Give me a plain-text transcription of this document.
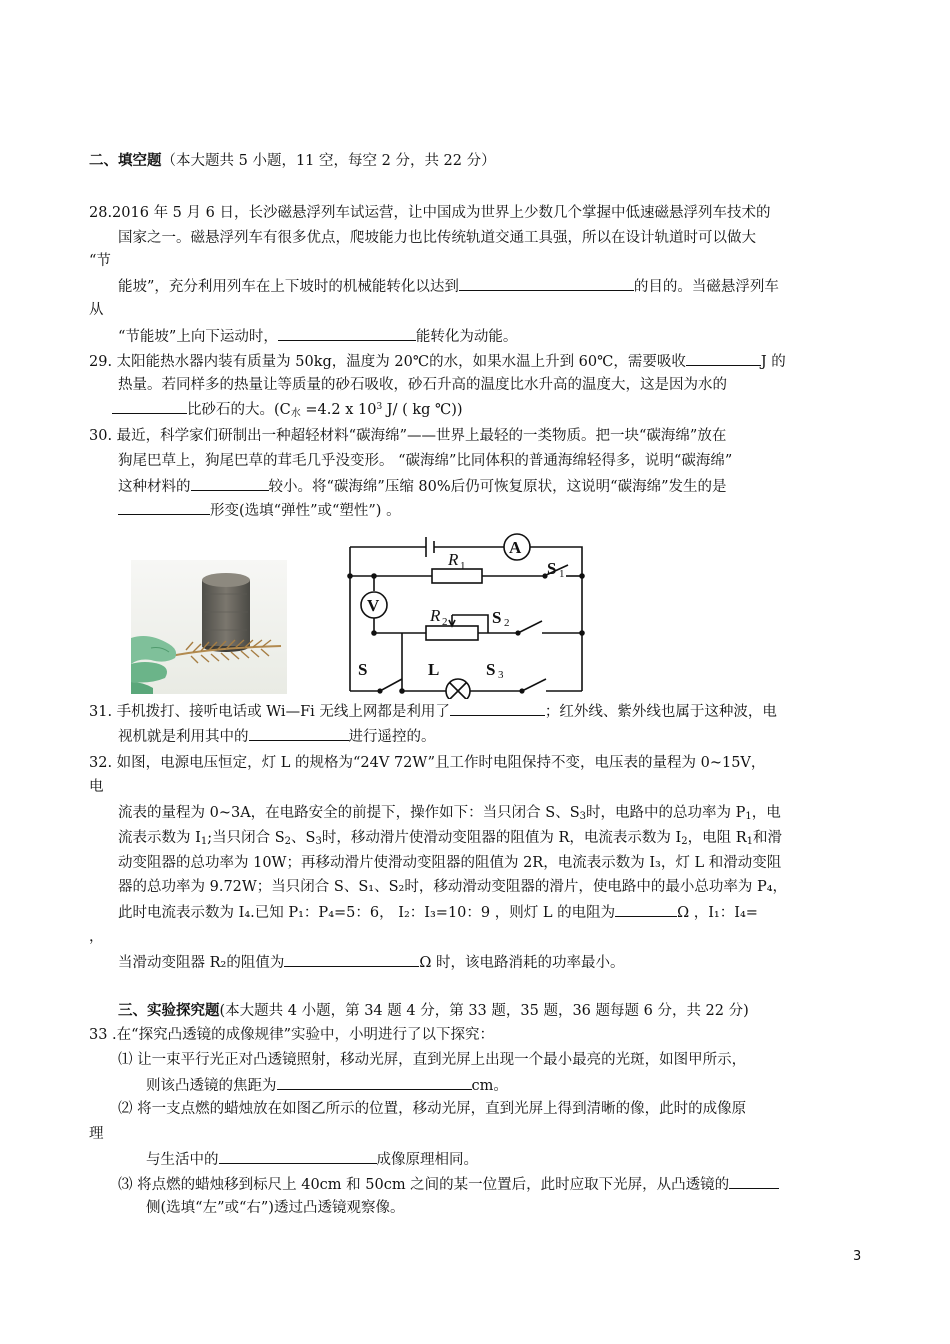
二、填空题（本大题共 5 小题，11 空，每空 2 分，共 22 分）
28.2016 年 5 月 6 日，长沙磁悬浮列车试运营，让中国成为世界上少数几个掌握中低速磁悬浮列车技术的
国家之一。磁悬浮列车有很多优点，爬坡能力也比传统轨道交通工具强，所以在设计轨道时可以做大
“节
能坡”，充分利用列车在上下坡时的机械能转化以达到	的目的。当磁悬浮列车
从
“节能坡”上向下运动时，	能转化为动能。
29. 太阳能热水器内装有质量为 50kg，温度为 20℃的水，如果水温上升到 60℃，需要吸收	J 的
热量。若同样多的热量让等质量的砂石吸收，砂石升高的温度比水升高的温度大，这是因为水的
比砂石的大。($C_水 =4.2$ x $10^3$ J/ ( kg ℃))
30. 最近，科学家们研制出一种超轻材料“碳海绵”——世界上最轻的一类物质。把一块“碳海绵”放在
狗尾巴草上，狗尾巴草的茸毛几乎没变形。 “碳海绵”比同体积的普通海绵轻得多，说明“碳海绵”
这种材料的	较小。将“碳海绵”压缩 80%后仍可恢复原状，这说明“碳海绵”发生的是
形变(选填“弹性”或“塑性”) 。
A
V
R 1
R 2
S 1
S 2
S 3
S	L
31. 手机拨打、接听电话或 Wi—Fi 无线上网都是利用了	；红外线、紫外线也属于这种波，电
视机就是利用其中的	进行遥控的。
32. 如图，电源电压恒定，灯 L 的规格为“24V 72W”且工作时电阻保持不变，电压表的量程为 0~15V，
电
流表的量程为 0~3A，在电路安全的前提下，操作如下：当只闭合 S、$S_3$时，电路中的总功率为 $P_1$，电
流表示数为 $I_1$;当只闭合 $S_2$、$S_3$时，移动滑片使滑动变阻器的阻值为 R，电流表示数为 $I_2$，电阻 $R_1$和滑
动变阻器的总功率为 10W；再移动滑片使滑动变阻器的阻值为 2R，电流表示数为 I₃，灯 L 和滑动变阻
器的总功率为 9.72W；当只闭合 S、S₁、S₂时，移动滑动变阻器的滑片，使电路中的最小总功率为 P₄，
此时电流表示数为 I₄.已知 P₁：P₄=5：6， I₂：I₃=10：9 ，则灯 L 的电阻为	Ω ，I₁：I₄=
，
当滑动变阻器 R₂的阻值为	Ω 时，该电路消耗的功率最小。
三、实验探究题(本大题共 4 小题，第 34 题 4 分，第 33 题，35 题，36 题每题 6 分，共 22 分)
33 .在“探究凸透镜的成像规律”实验中，小明进行了以下探究：
⑴ 让一束平行光正对凸透镜照射，移动光屏，直到光屏上出现一个最小最亮的光斑，如图甲所示，
则该凸透镜的焦距为	cm。
⑵ 将一支点燃的蜡烛放在如图乙所示的位置，移动光屏，直到光屏上得到清晰的像，此时的成像原
理
与生活中的	成像原理相同。
⑶ 将点燃的蜡烛移到标尺上 40cm 和 50cm 之间的某一位置后，此时应取下光屏，从凸透镜的
侧(选填“左”或“右”)透过凸透镜观察像。
3
